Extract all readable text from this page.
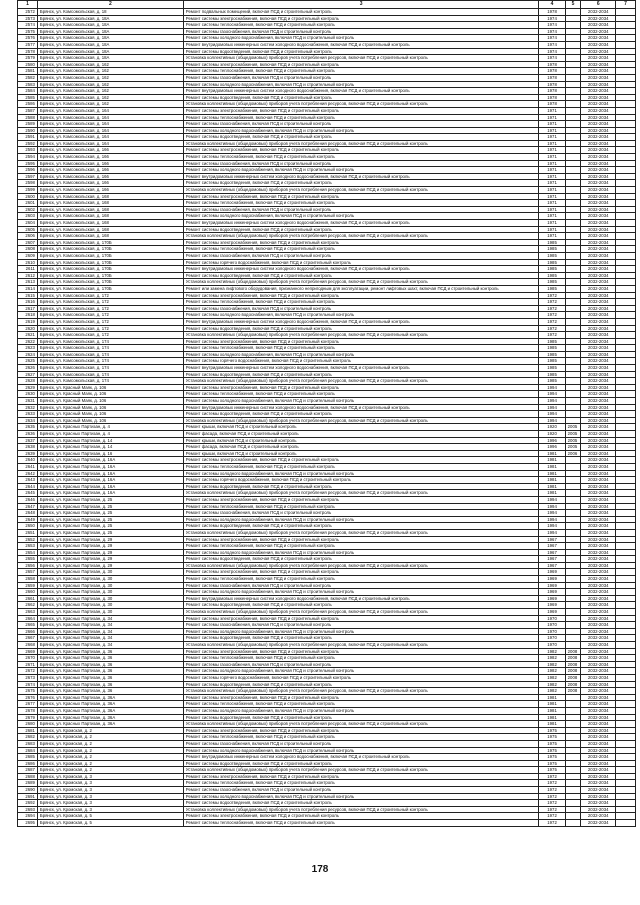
1	2	3	4	5	6	7
2572	Брянск, ул. Комсомольская, д. 18	Ремонт подвальных помещений, включая ПСД и строительный контроль	1978		2032-2034	
2573	Брянск, ул. Комсомольская, д. 18А	Ремонт системы электроснабжения, включая ПСД и строительный контроль	1974		2032-2034	
2574	Брянск, ул. Комсомольская, д. 18А	Ремонт системы теплоснабжения, включая ПСД и строительный контроль	1974		2032-2034	
2575	Брянск, ул. Комсомольская, д. 18А	Ремонт системы газоснабжения, включая ПСД и строительный контроль	1974		2032-2034	
2576	Брянск, ул. Комсомольская, д. 18А	Ремонт системы холодного водоснабжения, включая ПСД и строительный контроль	1974		2032-2034	
2577	Брянск, ул. Комсомольская, д. 18А	Ремонт внутридомовых инженерных систем холодного водоснабжения, включая ПСД и строительный контроль	1974		2032-2034	
2578	Брянск, ул. Комсомольская, д. 18А	Ремонт системы водоотведения, включая ПСД и строительный контроль	1974		2032-2034	
2579	Брянск, ул. Комсомольская, д. 18А	Установка коллективных (общедомовых) приборов учета потребления ресурсов, включая ПСД и строительный контроль	1974		2032-2034	
2580	Брянск, ул. Комсомольская, д. 162	Ремонт системы электроснабжения, включая ПСД и строительный контроль	1978		2032-2034	
2581	Брянск, ул. Комсомольская, д. 162	Ремонт системы теплоснабжения, включая ПСД и строительный контроль	1978		2032-2034	
2582	Брянск, ул. Комсомольская, д. 162	Ремонт системы газоснабжения, включая ПСД и строительный контроль	1978		2032-2034	
2583	Брянск, ул. Комсомольская, д. 162	Ремонт системы холодного водоснабжения, включая ПСД и строительный контроль	1978		2032-2034	
2584	Брянск, ул. Комсомольская, д. 162	Ремонт внутридомовых инженерных систем холодного водоснабжения, включая ПСД и строительный контроль	1978		2032-2034	
2585	Брянск, ул. Комсомольская, д. 162	Ремонт системы водоотведения, включая ПСД и строительный контроль	1978		2032-2034	
2586	Брянск, ул. Комсомольская, д. 162	Установка коллективных (общедомовых) приборов учета потребления ресурсов, включая ПСД и строительный контроль	1978		2032-2034	
2587	Брянск, ул. Комсомольская, д. 164	Ремонт системы электроснабжения, включая ПСД и строительный контроль	1971		2032-2034	
2588	Брянск, ул. Комсомольская, д. 164	Ремонт системы теплоснабжения, включая ПСД и строительный контроль	1971		2032-2034	
2589	Брянск, ул. Комсомольская, д. 164	Ремонт системы газоснабжения, включая ПСД и строительный контроль	1971		2032-2034	
2590	Брянск, ул. Комсомольская, д. 164	Ремонт системы холодного водоснабжения, включая ПСД и строительный контроль	1971		2032-2034	
2591	Брянск, ул. Комсомольская, д. 164	Ремонт системы водоотведения, включая ПСД и строительный контроль	1971		2032-2034	
2592	Брянск, ул. Комсомольская, д. 164	Установка коллективных (общедомовых) приборов учета потребления ресурсов, включая ПСД и строительный контроль	1971		2032-2034	
2593	Брянск, ул. Комсомольская, д. 166	Ремонт системы электроснабжения, включая ПСД и строительный контроль	1971		2032-2034	
2594	Брянск, ул. Комсомольская, д. 166	Ремонт системы теплоснабжения, включая ПСД и строительный контроль	1971		2032-2034	
2595	Брянск, ул. Комсомольская, д. 166	Ремонт системы газоснабжения, включая ПСД и строительный контроль	1971		2032-2034	
2596	Брянск, ул. Комсомольская, д. 166	Ремонт системы холодного водоснабжения, включая ПСД и строительный контроль	1971		2032-2034	
2597	Брянск, ул. Комсомольская, д. 166	Ремонт внутридомовых инженерных систем холодного водоснабжения, включая ПСД и строительный контроль	1971		2032-2034	
2598	Брянск, ул. Комсомольская, д. 166	Ремонт системы водоотведения, включая ПСД и строительный контроль	1971		2032-2034	
2599	Брянск, ул. Комсомольская, д. 166	Установка коллективных (общедомовых) приборов учета потребления ресурсов, включая ПСД и строительный контроль	1971		2032-2034	
2600	Брянск, ул. Комсомольская, д. 168	Ремонт системы электроснабжения, включая ПСД и строительный контроль	1971		2032-2034	
2601	Брянск, ул. Комсомольская, д. 168	Ремонт системы теплоснабжения, включая ПСД и строительный контроль	1971		2032-2034	
2602	Брянск, ул. Комсомольская, д. 168	Ремонт системы газоснабжения, включая ПСД и строительный контроль	1971		2032-2034	
2603	Брянск, ул. Комсомольская, д. 168	Ремонт системы холодного водоснабжения, включая ПСД и строительный контроль	1971		2032-2034	
2604	Брянск, ул. Комсомольская, д. 168	Ремонт внутридомовых инженерных систем холодного водоснабжения, включая ПСД и строительный контроль	1971		2032-2034	
2605	Брянск, ул. Комсомольская, д. 168	Ремонт системы водоотведения, включая ПСД и строительный контроль	1971		2032-2034	
2606	Брянск, ул. Комсомольская, д. 168	Установка коллективных (общедомовых) приборов учета потребления ресурсов, включая ПСД и строительный контроль	1971		2032-2034	
2607	Брянск, ул. Комсомольская, д. 170Б	Ремонт системы электроснабжения, включая ПСД и строительный контроль	1985		2032-2034	
2608	Брянск, ул. Комсомольская, д. 170Б	Ремонт системы теплоснабжения, включая ПСД и строительный контроль	1985		2032-2034	
2609	Брянск, ул. Комсомольская, д. 170Б	Ремонт системы газоснабжения, включая ПСД и строительный контроль	1985		2032-2034	
2610	Брянск, ул. Комсомольская, д. 170Б	Ремонт системы горячего водоснабжения, включая ПСД и строительный контроль	1985		2032-2034	
2611	Брянск, ул. Комсомольская, д. 170Б	Ремонт внутридомовых инженерных систем холодного водоснабжения, включая ПСД и строительный контроль	1985		2032-2034	
2612	Брянск, ул. Комсомольская, д. 170Б	Ремонт системы водоотведения, включая ПСД и строительный контроль	1985		2032-2034	
2613	Брянск, ул. Комсомольская, д. 170Б	Установка коллективных (общедомовых) приборов учета потребления ресурсов, включая ПСД и строительный контроль	1985		2032-2034	
2614	Брянск, ул. Комсомольская, д. 170Б	Ремонт или замена лифтового оборудования, признанного непригодным для эксплуатации, ремонт лифтовых шахт, включая ПСД и строительный контроль	1985		2032-2034	
2615	Брянск, ул. Комсомольская, д. 172	Ремонт системы электроснабжения, включая ПСД и строительный контроль	1972		2032-2034	
2616	Брянск, ул. Комсомольская, д. 172	Ремонт системы теплоснабжения, включая ПСД и строительный контроль	1972		2032-2034	
2617	Брянск, ул. Комсомольская, д. 172	Ремонт системы газоснабжения, включая ПСД и строительный контроль	1972		2032-2034	
2618	Брянск, ул. Комсомольская, д. 172	Ремонт системы холодного водоснабжения, включая ПСД и строительный контроль	1972		2032-2034	
2619	Брянск, ул. Комсомольская, д. 172	Ремонт внутридомовых инженерных систем холодного водоснабжения, включая ПСД и строительный контроль	1972		2032-2034	
2620	Брянск, ул. Комсомольская, д. 172	Ремонт системы водоотведения, включая ПСД и строительный контроль	1972		2032-2034	
2621	Брянск, ул. Комсомольская, д. 172	Установка коллективных (общедомовых) приборов учета потребления ресурсов, включая ПСД и строительный контроль	1972		2032-2034	
2622	Брянск, ул. Комсомольская, д. 174	Ремонт системы электроснабжения, включая ПСД и строительный контроль	1985		2032-2034	
2623	Брянск, ул. Комсомольская, д. 174	Ремонт системы теплоснабжения, включая ПСД и строительный контроль	1985		2032-2034	
2624	Брянск, ул. Комсомольская, д. 174	Ремонт системы холодного водоснабжения, включая ПСД и строительный контроль	1985		2032-2034	
2625	Брянск, ул. Комсомольская, д. 174	Ремонт системы горячего водоснабжения, включая ПСД и строительный контроль	1985		2032-2034	
2626	Брянск, ул. Комсомольская, д. 174	Ремонт внутридомовых инженерных систем холодного водоснабжения, включая ПСД и строительный контроль	1985		2032-2034	
2627	Брянск, ул. Комсомольская, д. 174	Ремонт системы водоотведения, включая ПСД и строительный контроль	1985		2032-2034	
2628	Брянск, ул. Комсомольская, д. 174	Установка коллективных (общедомовых) приборов учета потребления ресурсов, включая ПСД и строительный контроль	1985		2032-2034	
2629	Брянск, ул. Красный Маяк, д. 106	Ремонт системы электроснабжения, включая ПСД и строительный контроль	1994		2032-2034	
2630	Брянск, ул. Красный Маяк, д. 106	Ремонт системы теплоснабжения, включая ПСД и строительный контроль	1994		2032-2034	
2631	Брянск, ул. Красный Маяк, д. 106	Ремонт системы холодного водоснабжения, включая ПСД и строительный контроль	1994		2032-2034	
2632	Брянск, ул. Красный Маяк, д. 106	Ремонт внутридомовых инженерных систем холодного водоснабжения, включая ПСД и строительный контроль	1994		2032-2034	
2633	Брянск, ул. Красный Маяк, д. 106	Ремонт системы водоотведения, включая ПСД и строительный контроль	1994		2032-2034	
2634	Брянск, ул. Красный Маяк, д. 106	Установка коллективных (общедомовых) приборов учета потребления ресурсов, включая ПСД и строительный контроль	1994		2032-2034	
2635	Брянск, ул. Красных Партизан, д. 4	Ремонт крыши, включая ПСД и строительный контроль	1920	2005	2032-2034	
2636	Брянск, ул. Красных Партизан, д. 4	Ремонт фасада, включая ПСД и строительный контроль	1920	2005	2032-2034	
2637	Брянск, ул. Красных Партизан, д. 14	Ремонт крыши, включая ПСД и строительный контроль	1996	2005	2032-2034	
2638	Брянск, ул. Красных Партизан, д. 14	Ремонт фасада, включая ПСД и строительный контроль	1996	2005	2032-2034	
2639	Брянск, ул. Красных Партизан, д. 16	Ремонт крыши, включая ПСД и строительный контроль	1981	2006	2032-2034	
2640	Брянск, ул. Красных Партизан, д. 16А	Ремонт системы электроснабжения, включая ПСД и строительный контроль	1981		2032-2034	
2641	Брянск, ул. Красных Партизан, д. 16А	Ремонт системы теплоснабжения, включая ПСД и строительный контроль	1981		2032-2034	
2642	Брянск, ул. Красных Партизан, д. 16А	Ремонт системы холодного водоснабжения, включая ПСД и строительный контроль	1981		2032-2034	
2643	Брянск, ул. Красных Партизан, д. 16А	Ремонт системы горячего водоснабжения, включая ПСД и строительный контроль	1981		2032-2034	
2644	Брянск, ул. Красных Партизан, д. 16А	Ремонт системы водоотведения, включая ПСД и строительный контроль	1981		2032-2034	
2645	Брянск, ул. Красных Партизан, д. 16А	Установка коллективных (общедомовых) приборов учета потребления ресурсов, включая ПСД и строительный контроль	1981		2032-2034	
2646	Брянск, ул. Красных Партизан, д. 25	Ремонт системы электроснабжения, включая ПСД и строительный контроль	1994		2032-2034	
2647	Брянск, ул. Красных Партизан, д. 25	Ремонт системы теплоснабжения, включая ПСД и строительный контроль	1994		2032-2034	
2648	Брянск, ул. Красных Партизан, д. 25	Ремонт системы газоснабжения, включая ПСД и строительный контроль	1994		2032-2034	
2649	Брянск, ул. Красных Партизан, д. 25	Ремонт системы холодного водоснабжения, включая ПСД и строительный контроль	1994		2032-2034	
2650	Брянск, ул. Красных Партизан, д. 25	Ремонт системы водоотведения, включая ПСД и строительный контроль	1994		2032-2034	
2651	Брянск, ул. Красных Партизан, д. 25	Установка коллективных (общедомовых) приборов учета потребления ресурсов, включая ПСД и строительный контроль	1994		2032-2034	
2652	Брянск, ул. Красных Партизан, д. 29	Ремонт системы электроснабжения, включая ПСД и строительный контроль	1967		2032-2034	
2653	Брянск, ул. Красных Партизан, д. 29	Ремонт системы теплоснабжения, включая ПСД и строительный контроль	1967		2032-2034	
2654	Брянск, ул. Красных Партизан, д. 29	Ремонт системы холодного водоснабжения, включая ПСД и строительный контроль	1967		2032-2034	
2655	Брянск, ул. Красных Партизан, д. 29	Ремонт системы водоотведения, включая ПСД и строительный контроль	1967		2032-2034	
2656	Брянск, ул. Красных Партизан, д. 29	Установка коллективных (общедомовых) приборов учета потребления ресурсов, включая ПСД и строительный контроль	1967		2032-2034	
2657	Брянск, ул. Красных Партизан, д. 30	Ремонт системы электроснабжения, включая ПСД и строительный контроль	1969		2032-2034	
2658	Брянск, ул. Красных Партизан, д. 30	Ремонт системы теплоснабжения, включая ПСД и строительный контроль	1969		2032-2034	
2659	Брянск, ул. Красных Партизан, д. 30	Ремонт системы газоснабжения, включая ПСД и строительный контроль	1969		2032-2034	
2660	Брянск, ул. Красных Партизан, д. 30	Ремонт системы холодного водоснабжения, включая ПСД и строительный контроль	1969		2032-2034	
2661	Брянск, ул. Красных Партизан, д. 30	Ремонт внутридомовых инженерных систем холодного водоснабжения, включая ПСД и строительный контроль	1969		2032-2034	
2662	Брянск, ул. Красных Партизан, д. 30	Ремонт системы водоотведения, включая ПСД и строительный контроль	1969		2032-2034	
2663	Брянск, ул. Красных Партизан, д. 30	Установка коллективных (общедомовых) приборов учета потребления ресурсов, включая ПСД и строительный контроль	1969		2032-2034	
2664	Брянск, ул. Красных Партизан, д. 34	Ремонт системы электроснабжения, включая ПСД и строительный контроль	1970		2032-2034	
2665	Брянск, ул. Красных Партизан, д. 34	Ремонт системы газоснабжения, включая ПСД и строительный контроль	1970		2032-2034	
2666	Брянск, ул. Красных Партизан, д. 34	Ремонт системы холодного водоснабжения, включая ПСД и строительный контроль	1970		2032-2034	
2667	Брянск, ул. Красных Партизан, д. 34	Ремонт системы водоотведения, включая ПСД и строительный контроль	1970		2032-2034	
2668	Брянск, ул. Красных Партизан, д. 34	Установка коллективных (общедомовых) приборов учета потребления ресурсов, включая ПСД и строительный контроль	1970		2032-2034	
2669	Брянск, ул. Красных Партизан, д. 36	Ремонт системы электроснабжения, включая ПСД и строительный контроль	1982	2008	2032-2034	
2670	Брянск, ул. Красных Партизан, д. 36	Ремонт системы теплоснабжения, включая ПСД и строительный контроль	1982	2008	2032-2034	
2671	Брянск, ул. Красных Партизан, д. 36	Ремонт системы газоснабжения, включая ПСД и строительный контроль	1982	2008	2032-2034	
2672	Брянск, ул. Красных Партизан, д. 36	Ремонт системы холодного водоснабжения, включая ПСД и строительный контроль	1982	2008	2032-2034	
2673	Брянск, ул. Красных Партизан, д. 36	Ремонт системы горячего водоснабжения, включая ПСД и строительный контроль	1982	2008	2032-2034	
2674	Брянск, ул. Красных Партизан, д. 36	Ремонт системы водоотведения, включая ПСД и строительный контроль	1982	2008	2032-2034	
2675	Брянск, ул. Красных Партизан, д. 36	Установка коллективных (общедомовых) приборов учета потребления ресурсов, включая ПСД и строительный контроль	1982	2008	2032-2034	
2676	Брянск, ул. Красных Партизан, д. 36А	Ремонт системы электроснабжения, включая ПСД и строительный контроль	1981		2032-2034	
2677	Брянск, ул. Красных Партизан, д. 36А	Ремонт системы теплоснабжения, включая ПСД и строительный контроль	1981		2032-2034	
2678	Брянск, ул. Красных Партизан, д. 36А	Ремонт системы холодного водоснабжения, включая ПСД и строительный контроль	1981		2032-2034	
2679	Брянск, ул. Красных Партизан, д. 36А	Ремонт системы водоотведения, включая ПСД и строительный контроль	1981		2032-2034	
2680	Брянск, ул. Красных Партизан, д. 36А	Установка коллективных (общедомовых) приборов учета потребления ресурсов, включая ПСД и строительный контроль	1981		2032-2034	
2681	Брянск, ул. Кромская, д. 2	Ремонт системы электроснабжения, включая ПСД и строительный контроль	1975		2032-2034	
2682	Брянск, ул. Кромская, д. 2	Ремонт системы теплоснабжения, включая ПСД и строительный контроль	1975		2032-2034	
2683	Брянск, ул. Кромская, д. 2	Ремонт системы газоснабжения, включая ПСД и строительный контроль	1975		2032-2034	
2684	Брянск, ул. Кромская, д. 2	Ремонт системы холодного водоснабжения, включая ПСД и строительный контроль	1975		2032-2034	
2685	Брянск, ул. Кромская, д. 2	Ремонт внутридомовых инженерных систем холодного водоснабжения, включая ПСД и строительный контроль	1975		2032-2034	
2686	Брянск, ул. Кромская, д. 2	Ремонт системы водоотведения, включая ПСД и строительный контроль	1975		2032-2034	
2687	Брянск, ул. Кромская, д. 2	Установка коллективных (общедомовых) приборов учета потребления ресурсов, включая ПСД и строительный контроль	1975		2032-2034	
2688	Брянск, ул. Кромская, д. 3	Ремонт системы электроснабжения, включая ПСД и строительный контроль	1972		2032-2034	
2689	Брянск, ул. Кромская, д. 3	Ремонт системы теплоснабжения, включая ПСД и строительный контроль	1972		2032-2034	
2690	Брянск, ул. Кромская, д. 3	Ремонт системы газоснабжения, включая ПСД и строительный контроль	1972		2032-2034	
2691	Брянск, ул. Кромская, д. 3	Ремонт системы холодного водоснабжения, включая ПСД и строительный контроль	1972		2032-2034	
2692	Брянск, ул. Кромская, д. 3	Ремонт системы водоотведения, включая ПСД и строительный контроль	1972		2032-2034	
2693	Брянск, ул. Кромская, д. 3	Установка коллективных (общедомовых) приборов учета потребления ресурсов, включая ПСД и строительный контроль	1972		2032-2034	
2694	Брянск, ул. Кромская, д. 5	Ремонт системы электроснабжения, включая ПСД и строительный контроль	1972		2032-2034	
2695	Брянск, ул. Кромская, д. 5	Ремонт системы теплоснабжения, включая ПСД и строительный контроль	1972		2032-2034	
178
